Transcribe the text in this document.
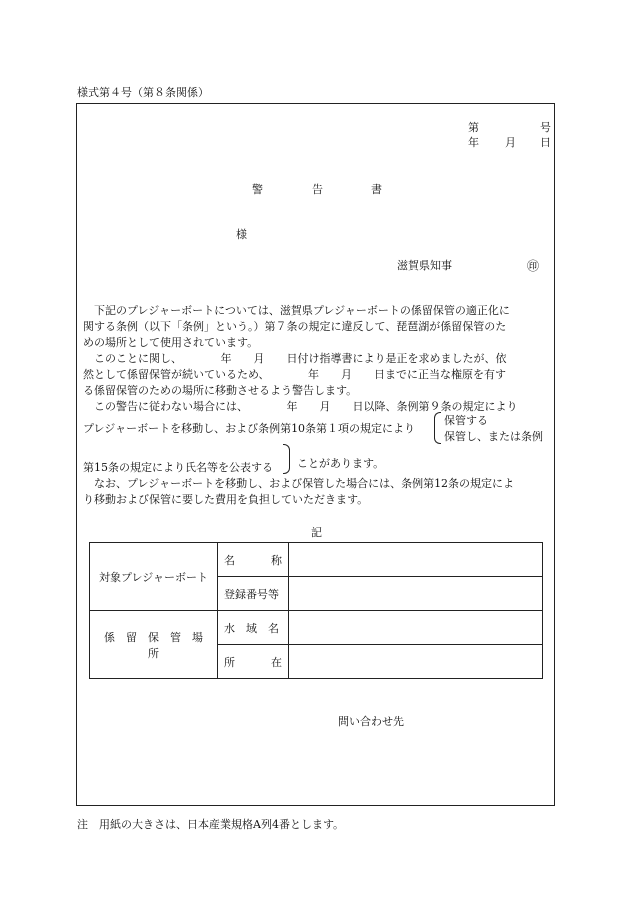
様式第４号（第８条関係）
第	号
年 月 日
警	告	書
様
滋賀県知事	㊞
　下記のプレジャーボートについては、滋賀県プレジャーボートの係留保管の適正化に
関する条例（以下「条例」という。）第７条の規定に違反して、琵琶湖が係留保管のた
めの場所として使用されています。
　このことに関し、　　　　年　　月　　日付け指導書により是正を求めましたが、依
然として係留保管が続いているため、　　　　年　　月　　日までに正当な権原を有す
る係留保管のための場所に移動させるよう警告します。
　この警告に従わない場合には、　　　　年　　月　　日以降、条例第９条の規定により
プレジャーボートを移動し、および条例第10条第１項の規定により
保管する
保管し、または条例
第15条の規定により氏名等を公表する ことがあります。
　なお、プレジャーボートを移動し、および保管した場合には、条例第12条の規定によ
り移動および保管に要した費用を負担していただきます。
記
対象プレジャーボート	名 称	

	登録番号等	
係　留　保　管　場　所	水　域　名	

	所 在	

問い合わせ先
注　用紙の大きさは、日本産業規格A列4番とします。
